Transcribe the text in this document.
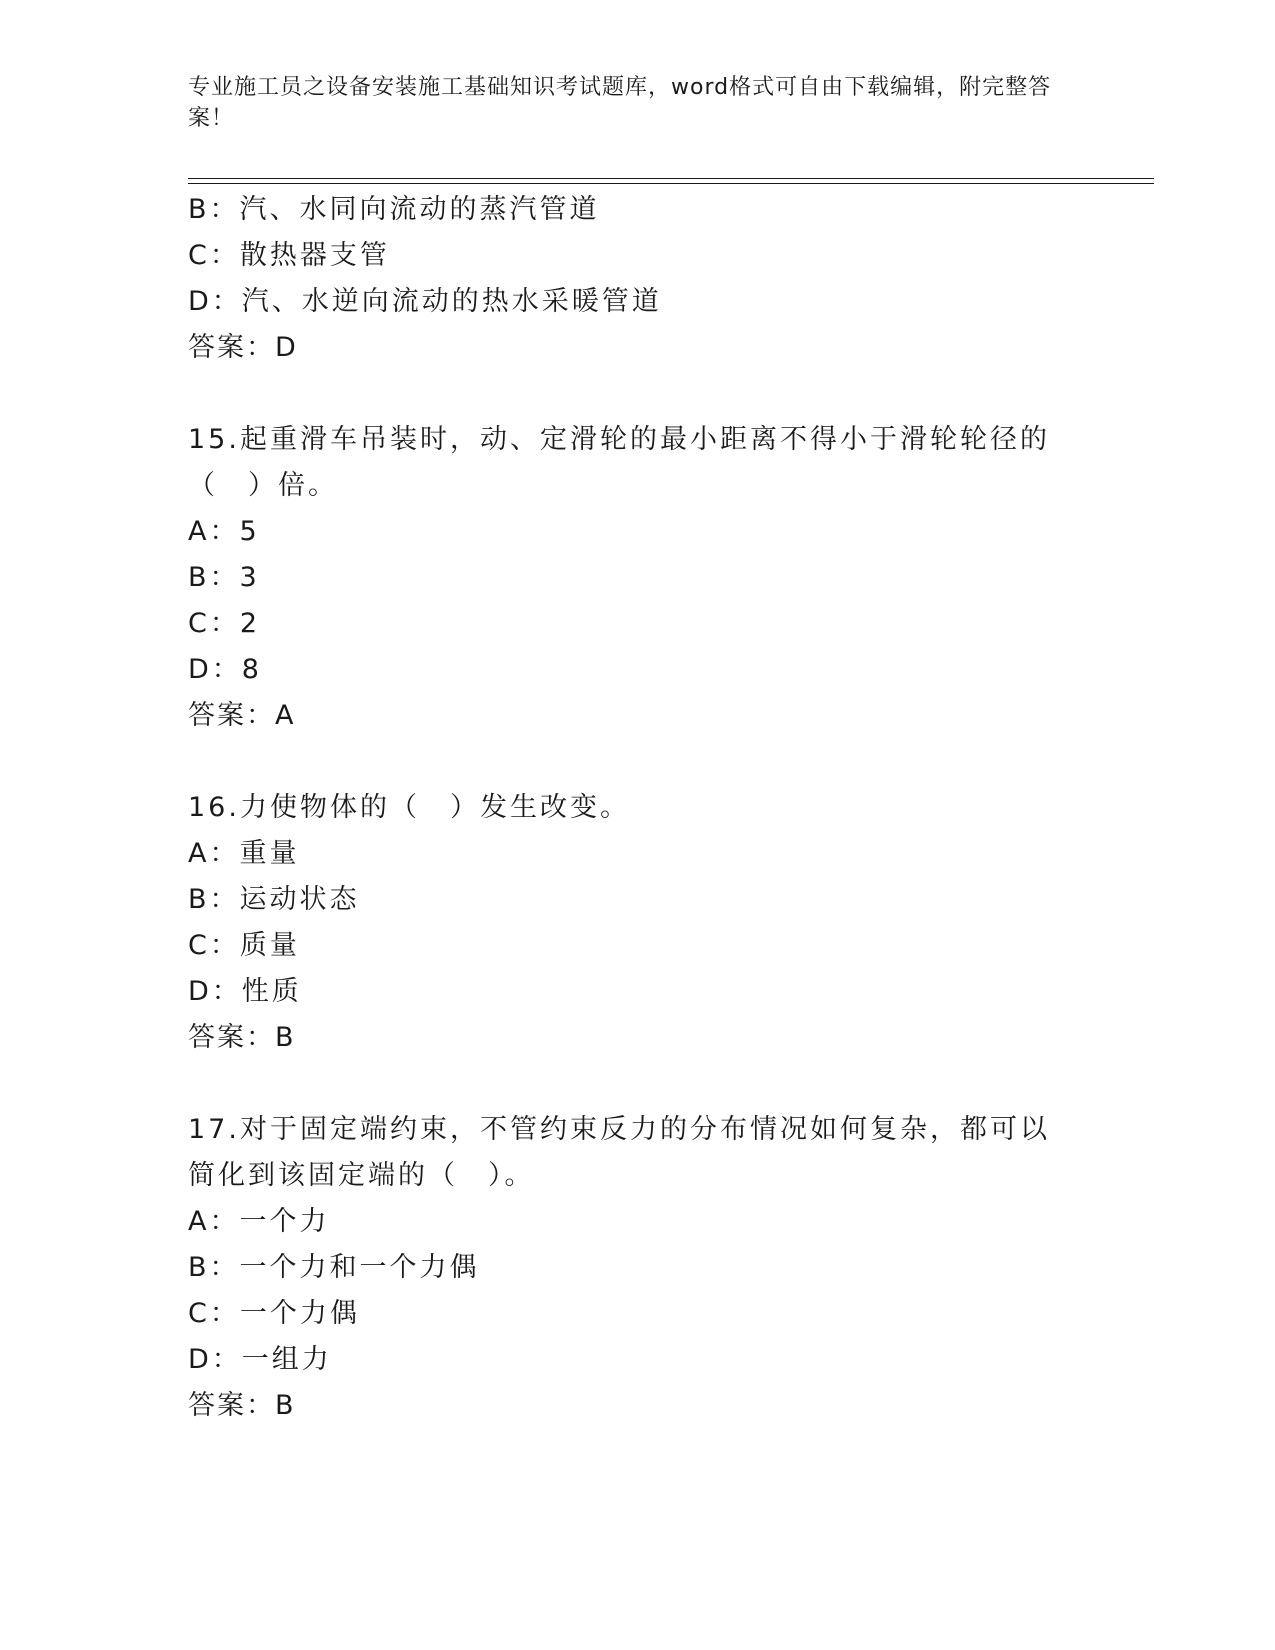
专业施工员之设备安装施工基础知识考试题库，word格式可自由下载编辑，附完整答案！
B：汽、水同向流动的蒸汽管道
C：散热器支管
D：汽、水逆向流动的热水采暖管道
答案：D
15.起重滑车吊装时，动、定滑轮的最小距离不得小于滑轮轮径的（　）倍。
A：5
B：3
C：2
D：8
答案：A
16.力使物体的（　）发生改变。
A：重量
B：运动状态
C：质量
D：性质
答案：B
17.对于固定端约束，不管约束反力的分布情况如何复杂，都可以简化到该固定端的（　）。
A：一个力
B：一个力和一个力偶
C：一个力偶
D：一组力
答案：B
